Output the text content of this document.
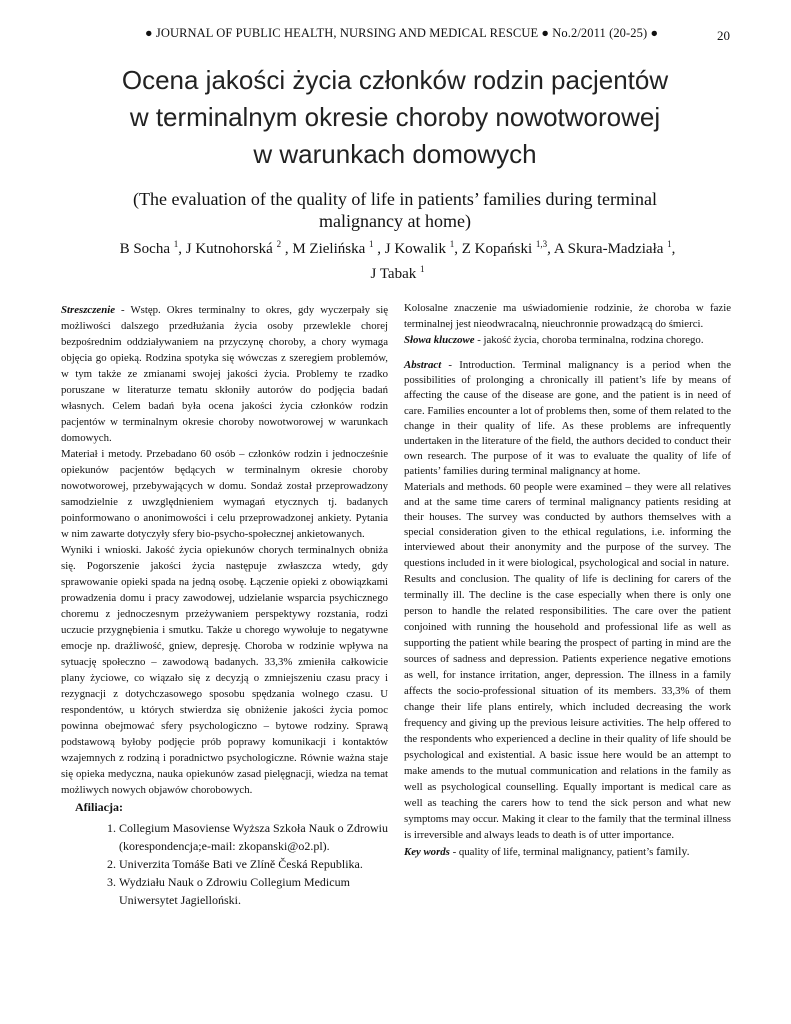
● JOURNAL OF PUBLIC HEALTH, NURSING AND MEDICAL RESCUE ● No.2/2011 (20-25) ●	20
Ocena jakości życia członków rodzin pacjentów
w terminalnym okresie choroby nowotworowej
w warunkach domowych
(The evaluation of the quality of life in patients’ families during terminal malignancy at home)
B Socha $^1$, J Kutnohorská $^2$ , M Zielińska $^1$ , J Kowalik $^1$, Z Kopański $^{1,3}$, A Skura-Madziała $^1$,
J Tabak $^1$

Streszczenie - Wstęp. Okres terminalny to okres, gdy wyczerpały się możliwości dalszego przedłużania życia osoby przewlekle chorej bezpośrednim oddziaływaniem na przyczynę choroby, a chory wymaga objęcia go opieką. Rodzina spotyka się wówczas z szeregiem problemów, w tym także ze zmianami swojej jakości życia. Problemy te rzadko poruszane w literaturze tematu skłoniły autorów do podjęcia badań własnych. Celem badań była ocena jakości życia członków rodzin pacjentów w terminalnym okresie choroby nowotworowej w warunkach domowych.

Materiał i metody. Przebadano 60 osób – członków rodzin i jednocześnie opiekunów pacjentów będących w terminalnym okresie choroby nowotworowej, przebywających w domu. Sondaż został przeprowadzony samodzielnie z uwzględnieniem wymagań etycznych tj. badanych poinformowano o anonimowości i celu przeprowadzonej ankiety. Pytania w nim zawarte dotyczyły sfery bio-psycho-społecznej ankietowanych.

Wyniki i wnioski. Jakość życia opiekunów chorych terminalnych obniża się. Pogorszenie jakości życia następuje zwłaszcza wtedy, gdy sprawowanie opieki spada na jedną osobę. Łączenie opieki z obowiązkami prowadzenia domu i pracy zawodowej, udzielanie wsparcia psychicznego choremu z jednoczesnym przeżywaniem perspektywy rozstania, rodzi uczucie przygnębienia i smutku. Także u chorego wywołuje to negatywne emocje np. drażliwość, gniew, depresję. Choroba w rodzinie wpływa na sytuację społeczno – zawodową badanych. 33,3% zmieniła całkowicie plany życiowe, co wiązało się z decyzją o zmniejszeniu czasu pracy i rezygnacji z dotychczasowego sposobu spędzania wolnego czasu. U respondentów, u których stwierdza się obniżenie jakości życia pomoc powinna obejmować sfery psychologiczno – bytowe rodziny. Sprawą podstawową byłoby podjęcie prób poprawy komunikacji i kontaktów wzajemnych z rodziną i poradnictwo psychologiczne. Równie ważna staje się opieka medyczna, nauka opiekunów zasad pielęgnacji, wiedza na temat możliwych nowych objawów chorobowych.

Afiliacja:
1. Collegium Masoviense Wyższa Szkoła Nauk o Zdrowiu (korespondencja;e-mail: zkopanski@o2.pl).
2. Univerzita Tomáše Bati ve Zlíně Česká Republika.
3. Wydziału Nauk o Zdrowiu Collegium Medicum Uniwersytet Jagielloński.

Kolosalne znaczenie ma uświadomienie rodzinie, że choroba w fazie terminalnej jest nieodwracalną, nieuchronnie prowadzącą do śmierci.

Słowa kluczowe - jakość życia, choroba terminalna, rodzina chorego.

Abstract - Introduction. Terminal malignancy is a period when the possibilities of prolonging a chronically ill patient’s life by means of affecting the cause of the disease are gone, and the patient is in need of care. Families encounter a lot of problems then, some of them related to the change in their quality of life. As these problems are infrequently undertaken in the literature of the field, the authors decided to conduct their own research. The purpose of it was to evaluate the quality of life of patients’ families during terminal malignancy at home.

Materials and methods. 60 people were examined – they were all relatives and at the same time carers of terminal malignancy patients residing at their houses. The survey was conducted by authors themselves with a special consideration given to the ethical regulations, i.e. informing the interviewed about their anonymity and the purpose of the survey. The questions included in it were biological, psychological and social in nature.

Results and conclusion. The quality of life is declining for carers of the terminally ill. The decline is the case especially when there is only one person to handle the related responsibilities. The care over the patient conjoined with running the household and professional life as well as supporting the patient while bearing the prospect of parting in mind are the sources of sadness and depression. Patients experience negative emotions as well, for instance irritation, anger, depression. The illness in a family affects the socio-professional situation of its members. 33,3% of them change their life plans entirely, which included decreasing the work frequency and giving up the previous leisure activities. The help offered to the respondents who experienced a decline in their quality of life should be psychological and existential. A basic issue here would be an attempt to make amends to the mutual communication and relations in the family as well as psychological counselling. Equally important is medical care as well as teaching the carers how to tend the sick person and what new symptoms may occur. Making it clear to the family that the terminal illness is irreversible and always leads to death is of utter importance.

Key words - quality of life, terminal malignancy, patient’s family.
